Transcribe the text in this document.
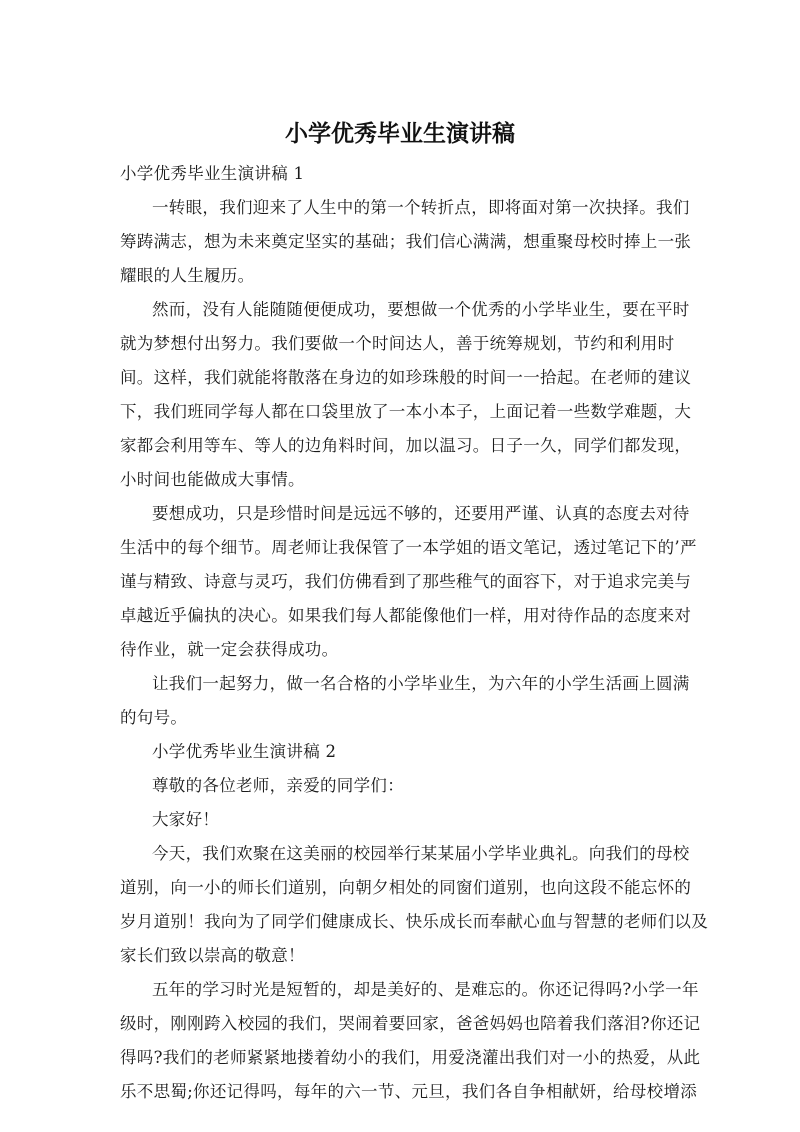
小学优秀毕业生演讲稿
小学优秀毕业生演讲稿 1
一转眼，我们迎来了人生中的第一个转折点，即将面对第一次抉择。我们
筹踌满志，想为未来奠定坚实的基础；我们信心满满，想重聚母校时捧上一张
耀眼的人生履历。
然而，没有人能随随便便成功，要想做一个优秀的小学毕业生，要在平时
就为梦想付出努力。我们要做一个时间达人，善于统筹规划，节约和利用时
间。这样，我们就能将散落在身边的如珍珠般的时间一一拾起。在老师的建议
下，我们班同学每人都在口袋里放了一本小本子，上面记着一些数学难题，大
家都会利用等车、等人的边角料时间，加以温习。日子一久，同学们都发现，
小时间也能做成大事情。
要想成功，只是珍惜时间是远远不够的，还要用严谨、认真的态度去对待
生活中的每个细节。周老师让我保管了一本学姐的语文笔记，透过笔记下的’严
谨与精致、诗意与灵巧，我们仿佛看到了那些稚气的面容下，对于追求完美与
卓越近乎偏执的决心。如果我们每人都能像他们一样，用对待作品的态度来对
待作业，就一定会获得成功。
让我们一起努力，做一名合格的小学毕业生，为六年的小学生活画上圆满
的句号。
小学优秀毕业生演讲稿 2
尊敬的各位老师，亲爱的同学们：
大家好！
今天，我们欢聚在这美丽的校园举行某某届小学毕业典礼。向我们的母校
道别，向一小的师长们道别，向朝夕相处的同窗们道别，也向这段不能忘怀的
岁月道别！我向为了同学们健康成长、快乐成长而奉献心血与智慧的老师们以及
家长们致以崇高的敬意！
五年的学习时光是短暂的，却是美好的、是难忘的。你还记得吗?小学一年
级时，刚刚跨入校园的我们，哭闹着要回家，爸爸妈妈也陪着我们落泪?你还记
得吗?我们的老师紧紧地搂着幼小的我们，用爱浇灌出我们对一小的热爱，从此
乐不思蜀;你还记得吗，每年的六一节、元旦，我们各自争相献妍，给母校增添
